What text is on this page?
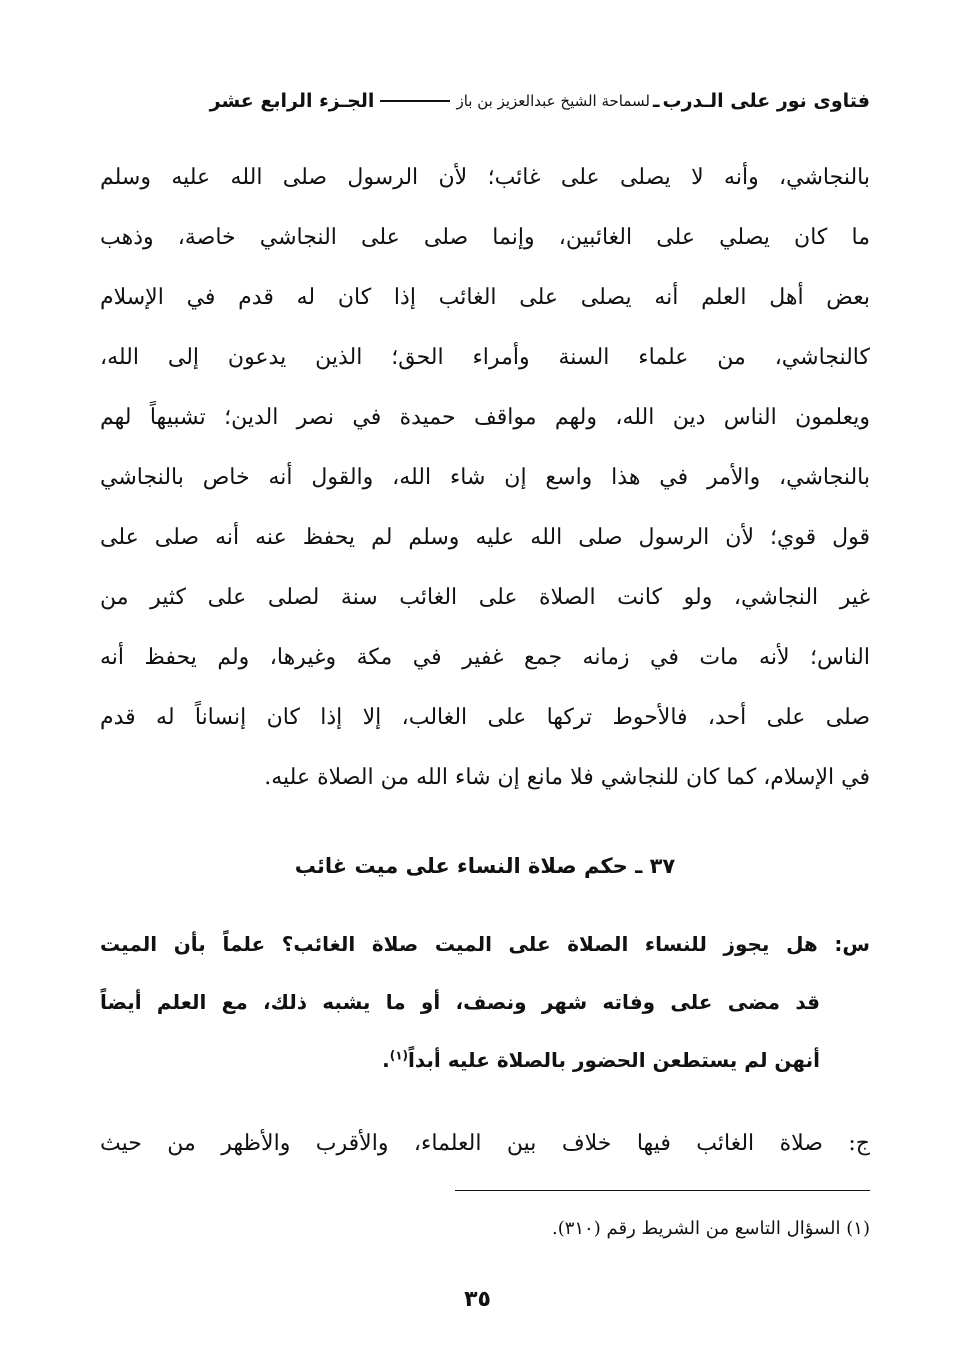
فتاوى نور على الـدرب
ـ
لسماحة الشيخ عبدالعزيز بن باز
الجـزء الرابع عشر
بالنجاشي، وأنه لا يصلى على غائب؛ لأن الرسول صلى الله عليه وسلم
ما كان يصلي على الغائبين، وإنما صلى على النجاشي خاصة، وذهب
بعض أهل العلم أنه يصلى على الغائب إذا كان له قدم في الإسلام
كالنجاشي، من علماء السنة وأمراء الحق؛ الذين يدعون إلى الله،
ويعلمون الناس دين الله، ولهم مواقف حميدة في نصر الدين؛ تشبيهاً لهم
بالنجاشي، والأمر في هذا واسع إن شاء الله، والقول أنه خاص بالنجاشي
قول قوي؛ لأن الرسول صلى الله عليه وسلم لم يحفظ عنه أنه صلى على
غير النجاشي، ولو كانت الصلاة على الغائب سنة لصلى على كثير من
الناس؛ لأنه مات في زمانه جمع غفير في مكة وغيرها، ولم يحفظ أنه
صلى على أحد، فالأحوط تركها على الغالب، إلا إذا كان إنساناً له قدم
في الإسلام، كما كان للنجاشي فلا مانع إن شاء الله من الصلاة عليه.
٣٧ ـ حكم صلاة النساء على ميت غائب
س: هل يجوز للنساء الصلاة على الميت صلاة الغائب؟ علماً بأن الميت
قد مضى على وفاته شهر ونصف، أو ما يشبه ذلك، مع العلم أيضاً
أنهن لم يستطعن الحضور بالصلاة عليه أبداً$^{(١)}$.
ج: صلاة الغائب فيها خلاف بين العلماء، والأقرب والأظهر من حيث
(١) السؤال التاسع من الشريط رقم (٣١٠).
٣٥
